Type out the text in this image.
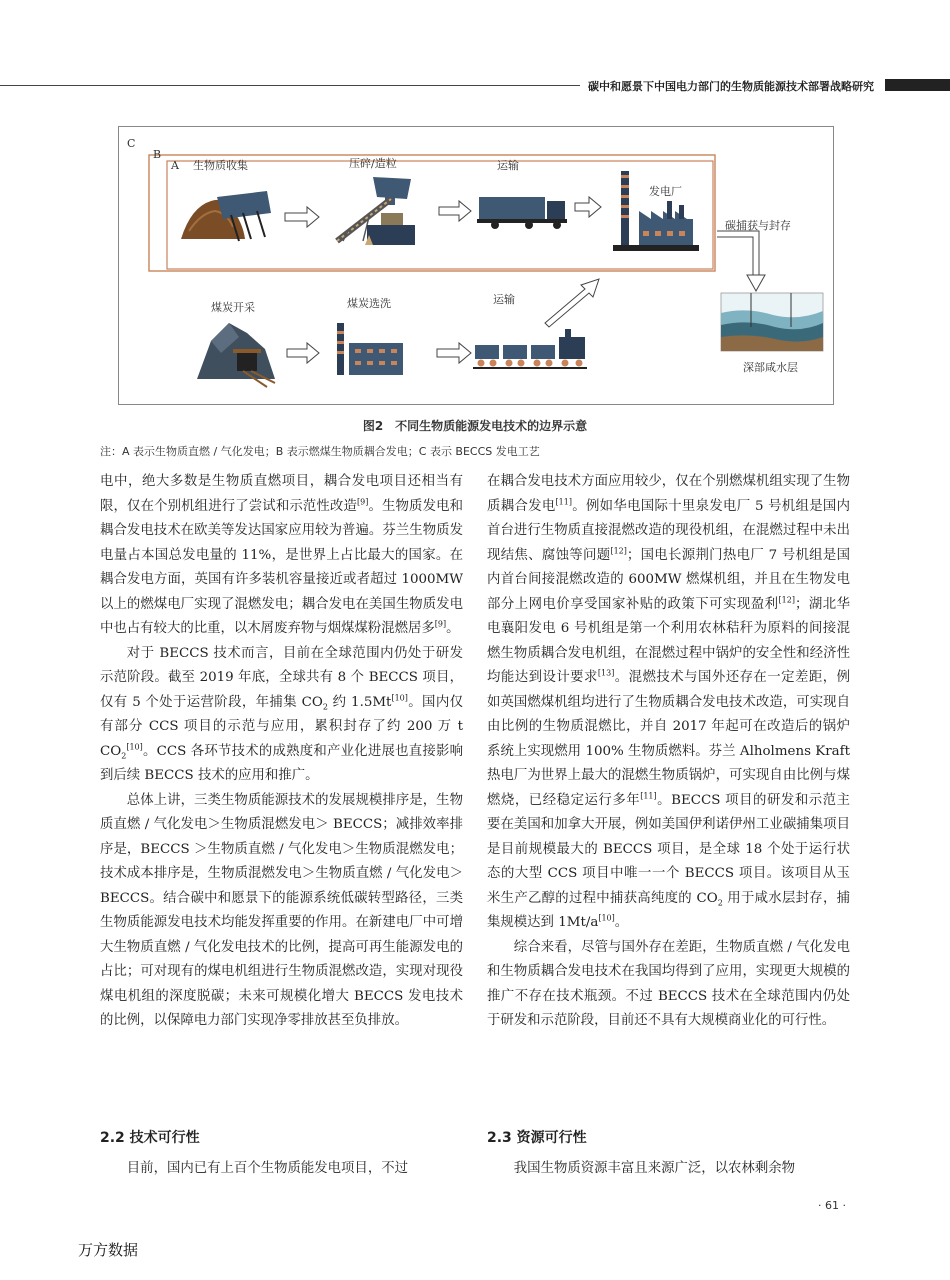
碳中和愿景下中国电力部门的生物质能源技术部署战略研究
C
B
A 生物质收集	压碎/造粒	运输
发电厂
碳捕获与封存
煤炭开采	煤炭选洗	运输
深部咸水层
图2　不同生物质能源发电技术的边界示意
注：A 表示生物质直燃 / 气化发电；B 表示燃煤生物质耦合发电；C 表示 BECCS 发电工艺

电中，绝大多数是生物质直燃项目，耦合发电项目还相当有限，仅在个别机组进行了尝试和示范性改造[9]。生物质发电和耦合发电技术在欧美等发达国家应用较为普遍。芬兰生物质发电量占本国总发电量的 11%，是世界上占比最大的国家。在耦合发电方面，英国有许多装机容量接近或者超过 1000MW 以上的燃煤电厂实现了混燃发电；耦合发电在美国生物质发电中也占有较大的比重，以木屑废弃物与烟煤煤粉混燃居多[9]。

对于 BECCS 技术而言，目前在全球范围内仍处于研发示范阶段。截至 2019 年底，全球共有 8 个 BECCS 项目，仅有 5 个处于运营阶段，年捕集 $CO_2$ 约 1.5Mt[10]。国内仅有部分 CCS 项目的示范与应用，累积封存了约 200 万 t $CO_2[10]$。CCS 各环节技术的成熟度和产业化进展也直接影响到后续 BECCS 技术的应用和推广。

总体上讲，三类生物质能源技术的发展规模排序是，生物质直燃 / 气化发电＞生物质混燃发电＞ BECCS；减排效率排序是，BECCS ＞生物质直燃 / 气化发电＞生物质混燃发电；技术成本排序是，生物质混燃发电＞生物质直燃 / 气化发电＞ BECCS。结合碳中和愿景下的能源系统低碳转型路径，三类生物质能源发电技术均能发挥重要的作用。在新建电厂中可增大生物质直燃 / 气化发电技术的比例，提高可再生能源发电的占比；可对现有的煤电机组进行生物质混燃改造，实现对现役煤电机组的深度脱碳；未来可规模化增大 BECCS 发电技术的比例，以保障电力部门实现净零排放甚至负排放。

在耦合发电技术方面应用较少，仅在个别燃煤机组实现了生物质耦合发电[11]。例如华电国际十里泉发电厂 5 号机组是国内首台进行生物质直接混燃改造的现役机组，在混燃过程中未出现结焦、腐蚀等问题[12]；国电长源荆门热电厂 7 号机组是国内首台间接混燃改造的 600MW 燃煤机组，并且在生物发电部分上网电价享受国家补贴的政策下可实现盈利[12]；湖北华电襄阳发电 6 号机组是第一个利用农林秸秆为原料的间接混燃生物质耦合发电机组，在混燃过程中锅炉的安全性和经济性均能达到设计要求[13]。混燃技术与国外还存在一定差距，例如英国燃煤机组均进行了生物质耦合发电技术改造，可实现自由比例的生物质混燃比，并自 2017 年起可在改造后的锅炉系统上实现燃用 100% 生物质燃料。芬兰 Alholmens Kraft 热电厂为世界上最大的混燃生物质锅炉，可实现自由比例与煤燃烧，已经稳定运行多年[11]。BECCS 项目的研发和示范主要在美国和加拿大开展，例如美国伊利诺伊州工业碳捕集项目是目前规模最大的 BECCS 项目，是全球 18 个处于运行状态的大型 CCS 项目中唯一一个 BECCS 项目。该项目从玉米生产乙醇的过程中捕获高纯度的 $CO_2$ 用于咸水层封存，捕集规模达到 1Mt/a[10]。

综合来看，尽管与国外存在差距，生物质直燃 / 气化发电和生物质耦合发电技术在我国均得到了应用，实现更大规模的推广不存在技术瓶颈。不过 BECCS 技术在全球范围内仍处于研发和示范阶段，目前还不具有大规模商业化的可行性。

2.2 技术可行性	2.3 资源可行性
目前，国内已有上百个生物质能发电项目，不过	我国生物质资源丰富且来源广泛，以农林剩余物
· 61 ·
万方数据
